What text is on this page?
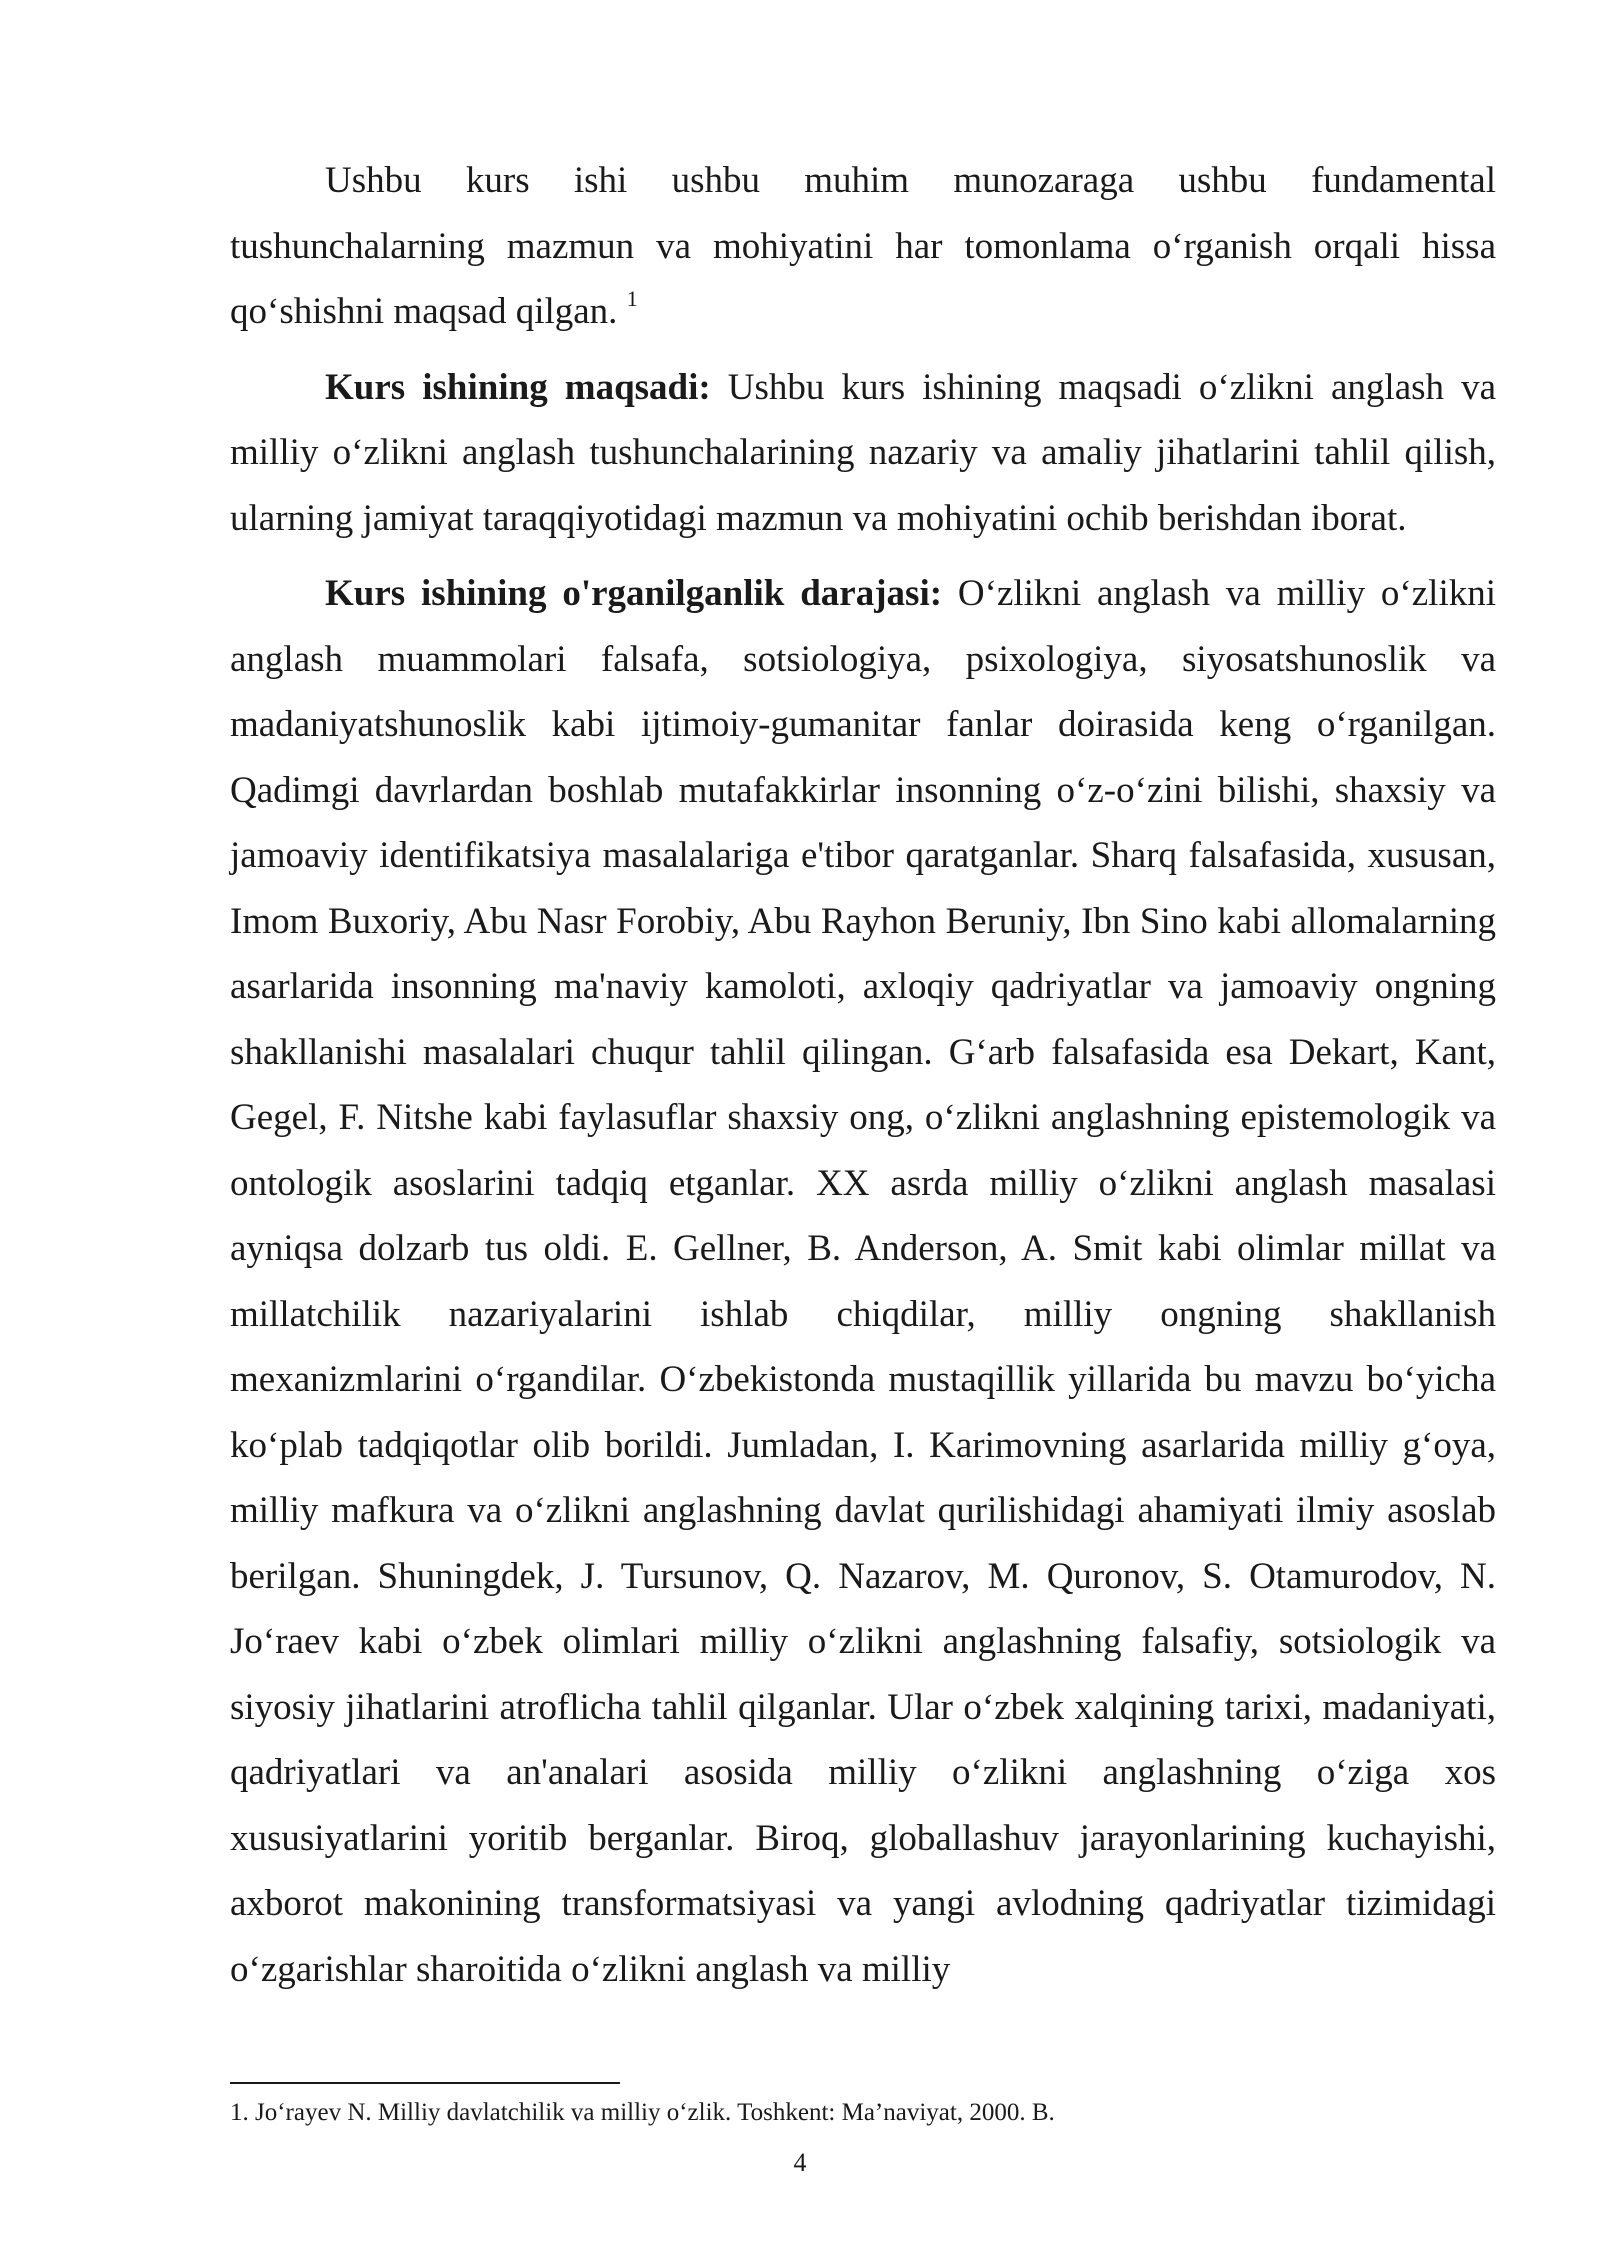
Ushbu kurs ishi ushbu muhim munozaraga ushbu fundamental tushunchalarning mazmun va mohiyatini har tomonlama o‘rganish orqali hissa qo‘shishni maqsad qilgan. $^1$

Kurs ishining maqsadi: Ushbu kurs ishining maqsadi o‘zlikni anglash va milliy o‘zlikni anglash tushunchalarining nazariy va amaliy jihatlarini tahlil qilish, ularning jamiyat taraqqiyotidagi mazmun va mohiyatini ochib berishdan iborat.

Kurs ishining o'rganilganlik darajasi: O‘zlikni anglash va milliy o‘zlikni anglash muammolari falsafa, sotsiologiya, psixologiya, siyosatshunoslik va madaniyatshunoslik kabi ijtimoiy-gumanitar fanlar doirasida keng o‘rganilgan. Qadimgi davrlardan boshlab mutafakkirlar insonning o‘z-o‘zini bilishi, shaxsiy va jamoaviy identifikatsiya masalalariga e'tibor qaratganlar. Sharq falsafasida, xususan, Imom Buxoriy, Abu Nasr Forobiy, Abu Rayhon Beruniy, Ibn Sino kabi allomalarning asarlarida insonning ma'naviy kamoloti, axloqiy qadriyatlar va jamoaviy ongning shakllanishi masalalari chuqur tahlil qilingan. G‘arb falsafasida esa Dekart, Kant, Gegel, F. Nitshe kabi faylasuflar shaxsiy ong, o‘zlikni anglashning epistemologik va ontologik asoslarini tadqiq etganlar. XX asrda milliy o‘zlikni anglash masalasi ayniqsa dolzarb tus oldi. E. Gellner, B. Anderson, A. Smit kabi olimlar millat va millatchilik nazariyalarini ishlab chiqdilar, milliy ongning shakllanish mexanizmlarini o‘rgandilar. O‘zbekistonda mustaqillik yillarida bu mavzu bo‘yicha ko‘plab tadqiqotlar olib borildi. Jumladan, I. Karimovning asarlarida milliy g‘oya, milliy mafkura va o‘zlikni anglashning davlat qurilishidagi ahamiyati ilmiy asoslab berilgan. Shuningdek, J. Tursunov, Q. Nazarov, M. Quronov, S. Otamurodov, N. Jo‘raev kabi o‘zbek olimlari milliy o‘zlikni anglashning falsafiy, sotsiologik va siyosiy jihatlarini atroflicha tahlil qilganlar. Ular o‘zbek xalqining tarixi, madaniyati, qadriyatlari va an'analari asosida milliy o‘zlikni anglashning o‘ziga xos xususiyatlarini yoritib berganlar. Biroq, globallashuv jarayonlarining kuchayishi, axborot makonining transformatsiyasi va yangi avlodning qadriyatlar tizimidagi o‘zgarishlar sharoitida o‘zlikni anglash va milliy

1. Jo‘rayev N. Milliy davlatchilik va milliy o‘zlik. Toshkent: Ma’naviyat, 2000. B.
4
